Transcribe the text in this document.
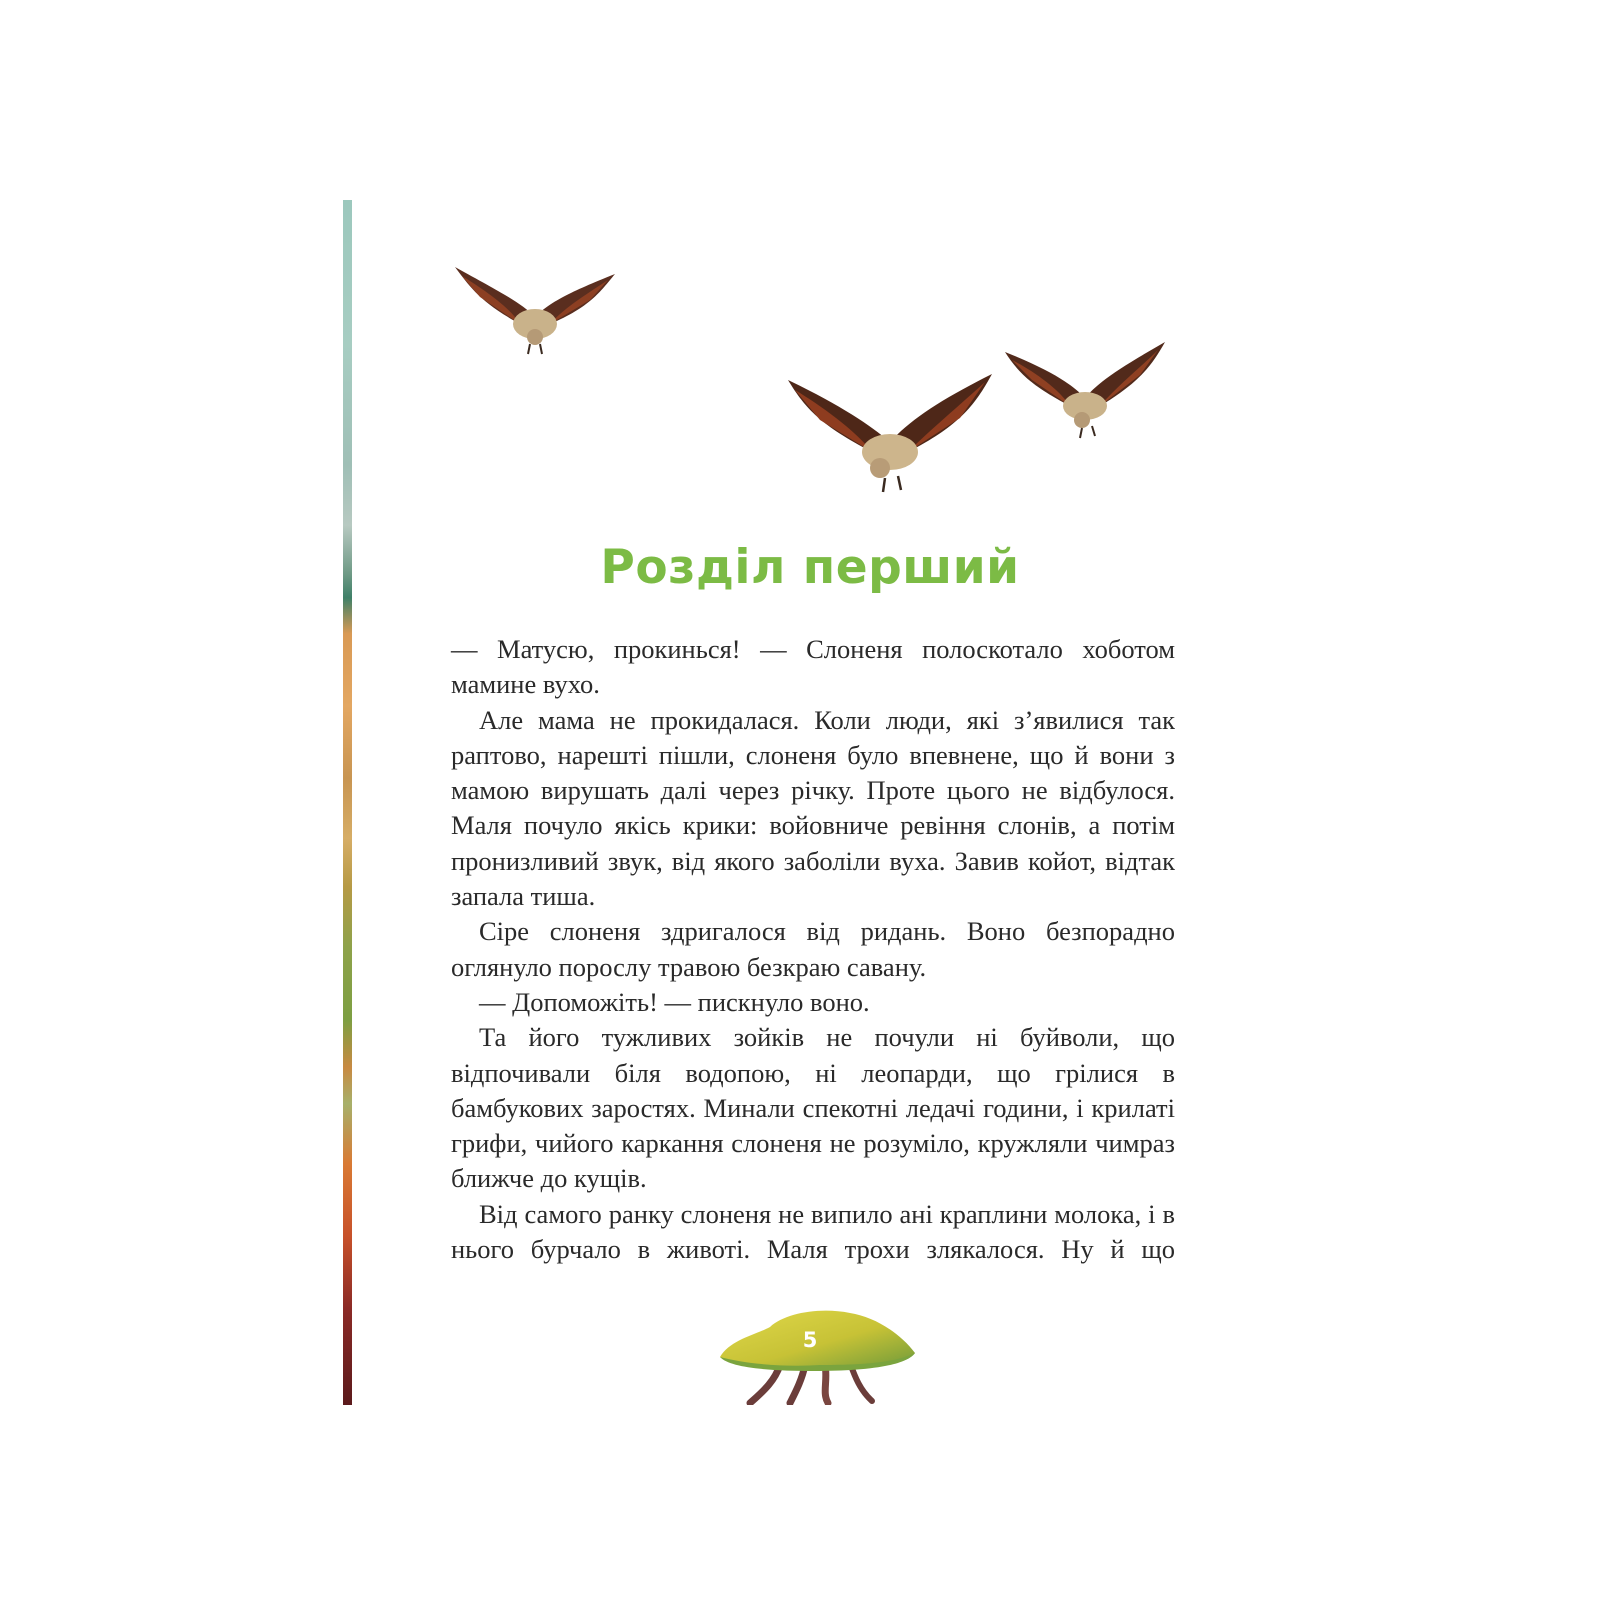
Розділ перший

— Матусю, прокинься! — Слоненя полоскотало хоботом мамине вухо.

Але мама не прокидалася. Коли люди, які з’явилися так раптово, нарешті пішли, слоненя було впевнене, що й вони з мамою вирушать далі через річку. Проте цього не відбулося. Маля почуло якісь крики: войовниче ревіння слонів, а потім пронизливий звук, від якого заболіли вуха. Завив койот, відтак запала тиша.

Сіре слоненя здригалося від ридань. Воно безпорадно оглянуло порослу травою безкраю савану.

— Допоможіть! — пискнуло воно.

Та його тужливих зойків не почули ні буйволи, що відпочивали біля водопою, ні леопарди, що грілися в бамбукових заростях. Минали спекотні ледачі години, і крилаті грифи, чийого каркання слоненя не розуміло, кружляли чимраз ближче до кущів.

Від самого ранку слоненя не випило ані краплини молока, і в нього бурчало в животі. Маля трохи злякалося. Ну й що

5
